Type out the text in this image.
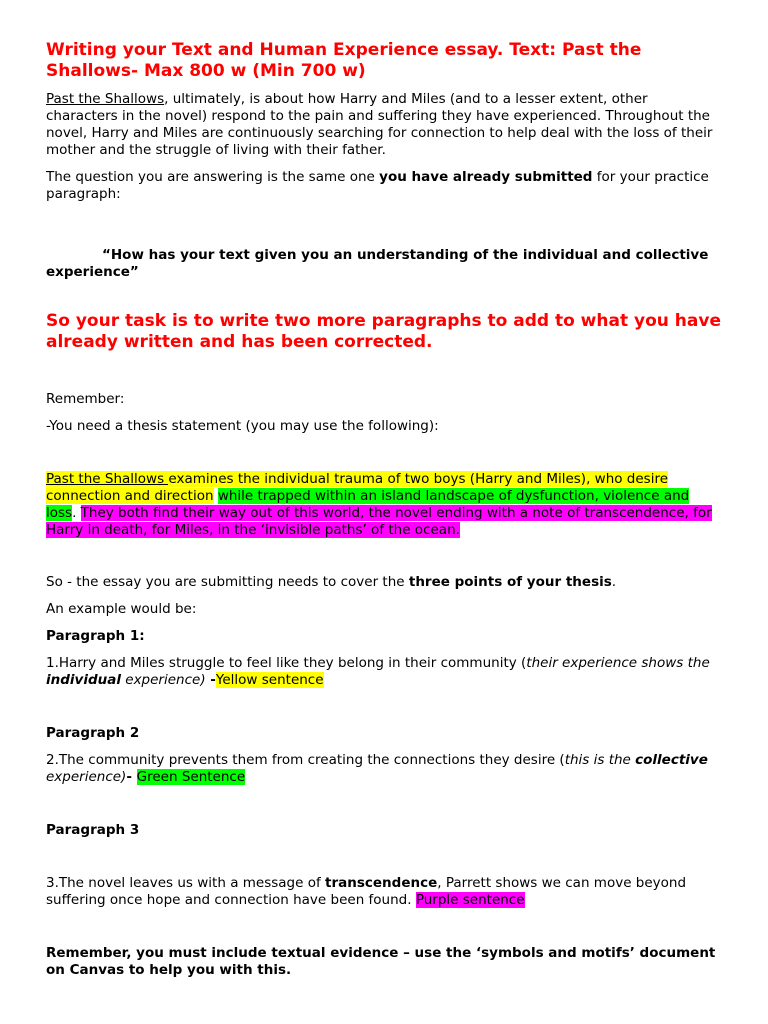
Writing your Text and Human Experience essay. Text: Past the Shallows- Max 800 w (Min 700 w)

Past the Shallows, ultimately, is about how Harry and Miles (and to a lesser extent, other characters in the novel) respond to the pain and suffering they have experienced. Throughout the novel, Harry and Miles are continuously searching for connection to help deal with the loss of their mother and the struggle of living with their father.

The question you are answering is the same one you have already submitted for your practice paragraph:

“How has your text given you an understanding of the individual and collective experience”

So your task is to write two more paragraphs to add to what you have already written and has been corrected.

Remember:

-You need a thesis statement (you may use the following):

Past the Shallows examines the individual trauma of two boys (Harry and Miles), who desire connection and direction while trapped within an island landscape of dysfunction, violence and loss. They both find their way out of this world, the novel ending with a note of transcendence, for Harry in death, for Miles, in the ‘invisible paths’ of the ocean.

So - the essay you are submitting needs to cover the three points of your thesis.

An example would be:

Paragraph 1:

1.Harry and Miles struggle to feel like they belong in their community (their experience shows the individual experience) -Yellow sentence

Paragraph 2

2.The community prevents them from creating the connections they desire (this is the collective experience)- Green Sentence

Paragraph 3

3.The novel leaves us with a message of transcendence, Parrett shows we can move beyond suffering once hope and connection have been found. Purple sentence

Remember, you must include textual evidence – use the ‘symbols and motifs’ document on Canvas to help you with this.
